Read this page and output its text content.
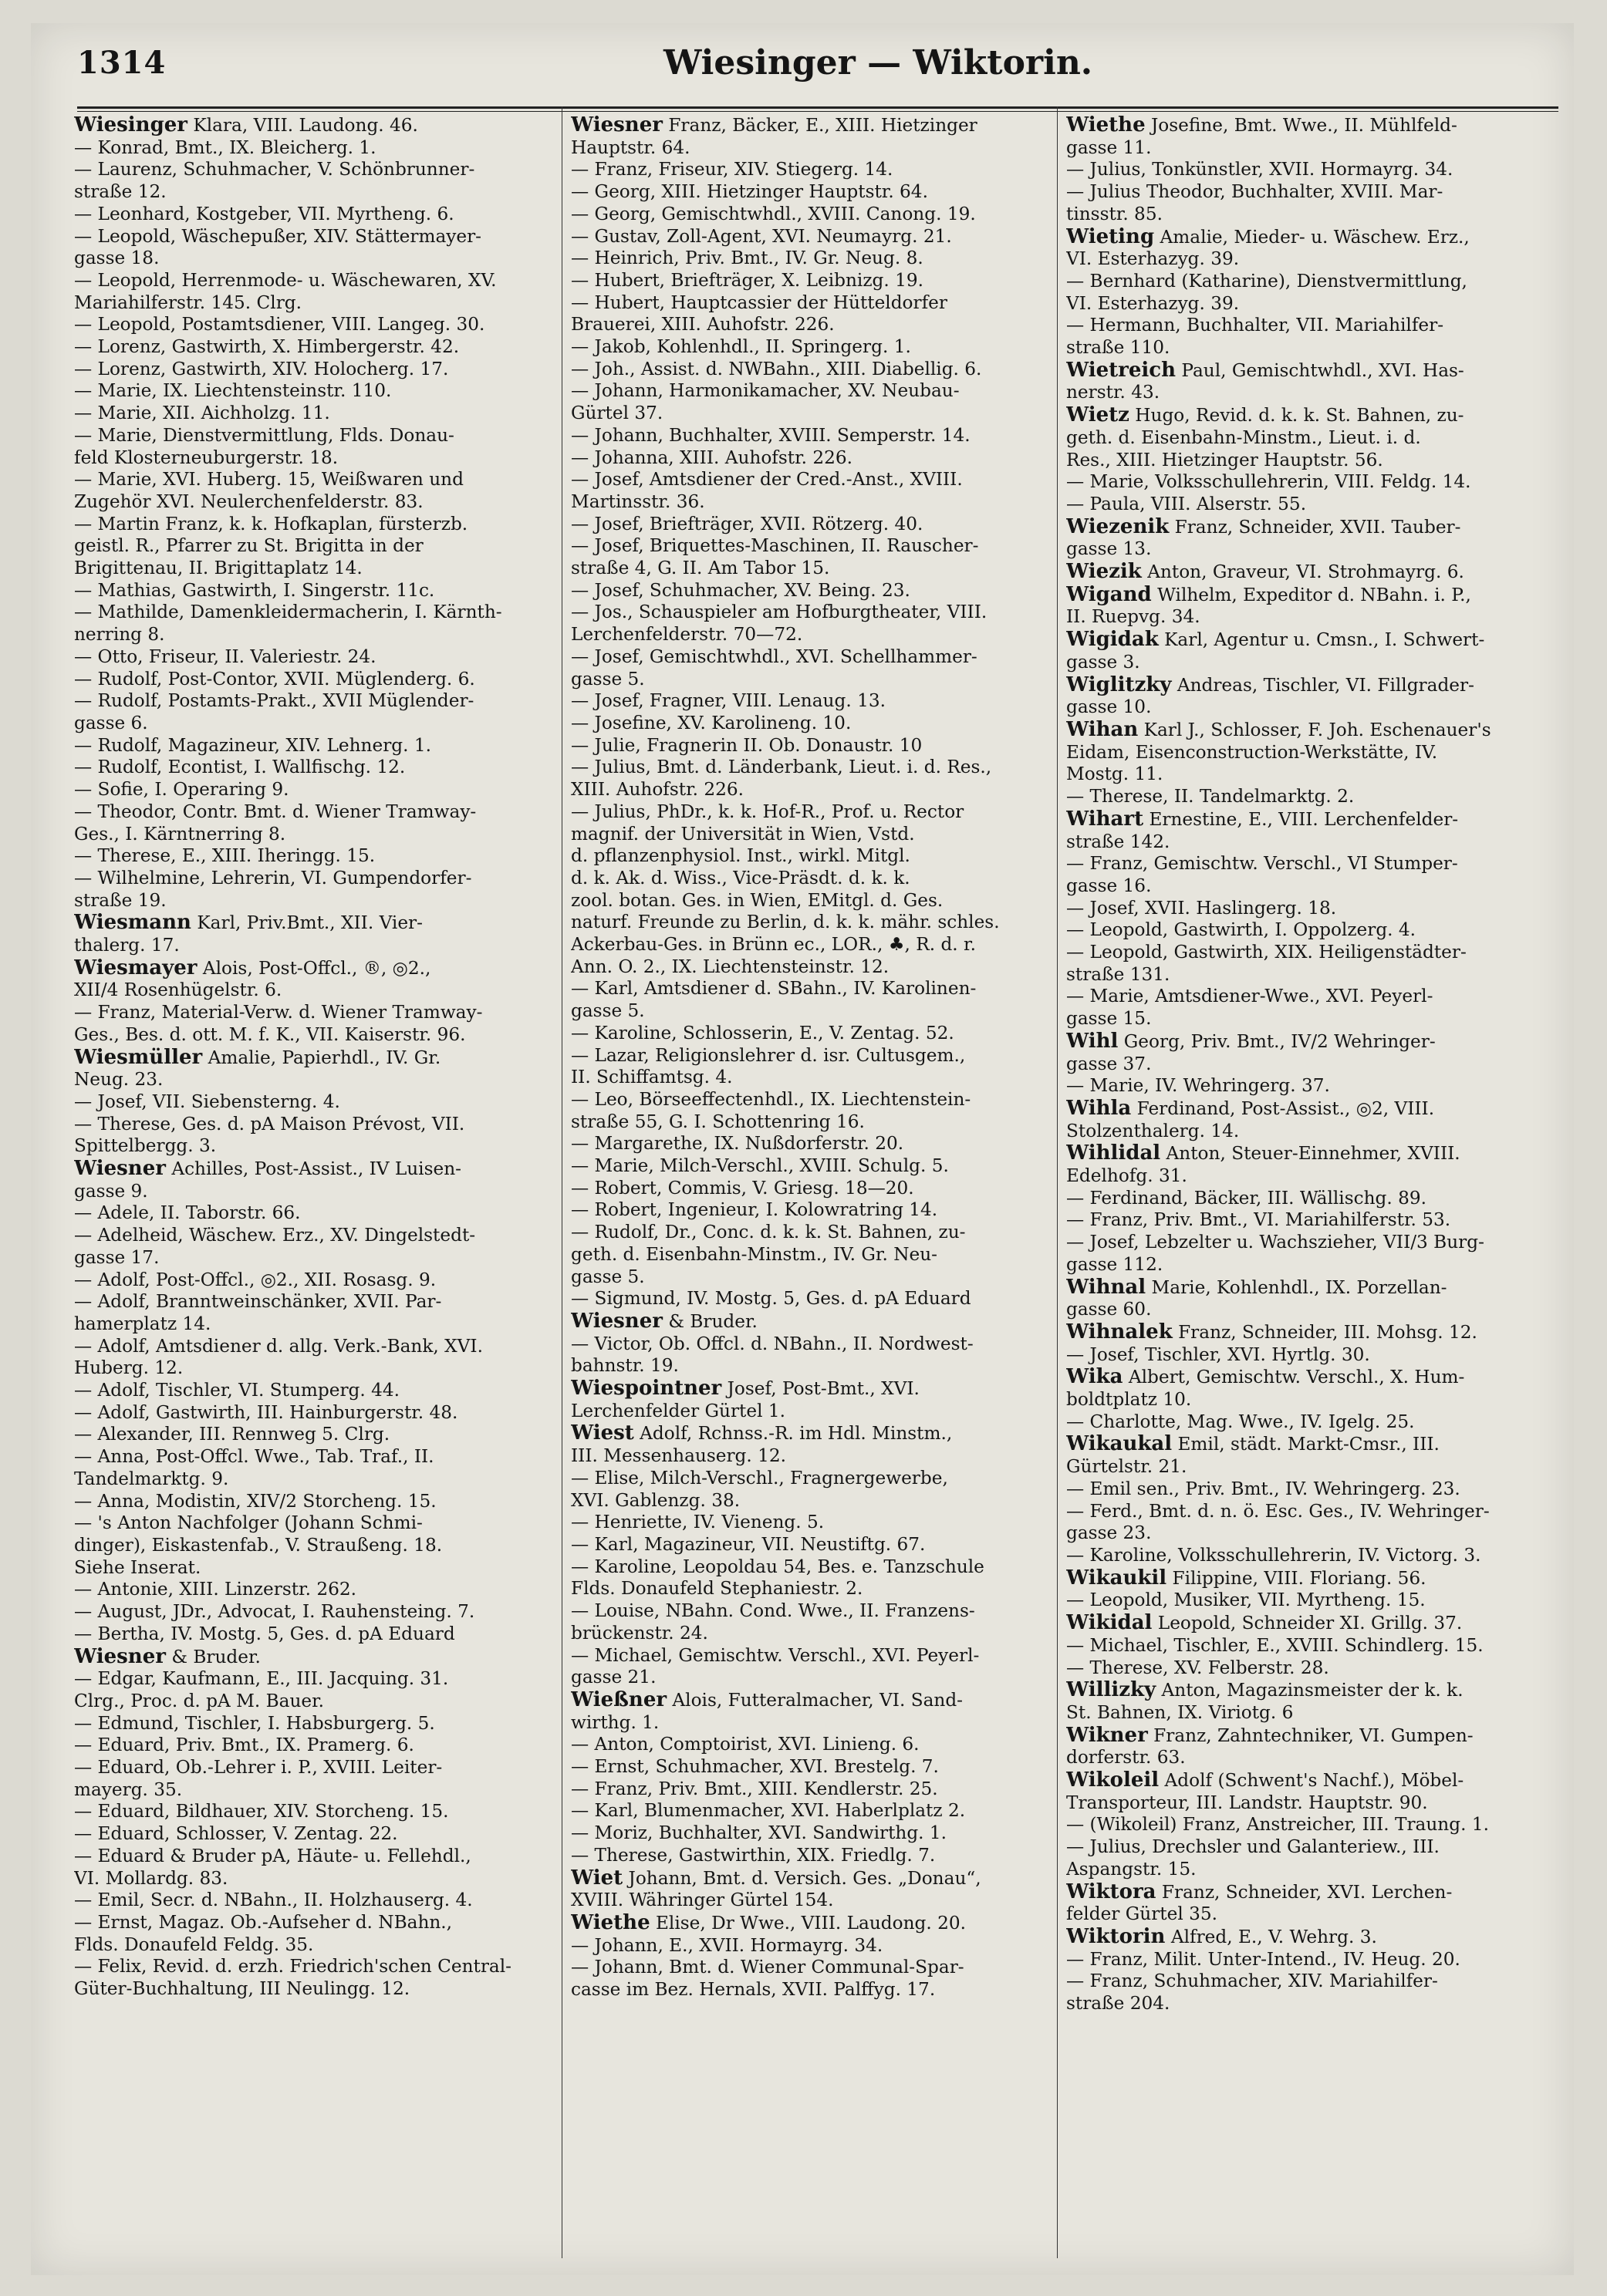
1314	Wiesinger — Wiktorin.
Wiesinger Klara, VIII. Laudong. 46.
— Konrad, Bmt., IX. Bleicherg. 1.
— Laurenz, Schuhmacher, V. Schönbrunner-
straße 12.
— Leonhard, Kostgeber, VII. Myrtheng. 6.
— Leopold, Wäschepußer, XIV. Stättermayer-
gasse 18.
— Leopold, Herrenmode- u. Wäschewaren, XV.
Mariahilferstr. 145. Clrg.
— Leopold, Postamtsdiener, VIII. Langeg. 30.
— Lorenz, Gastwirth, X. Himbergerstr. 42.
— Lorenz, Gastwirth, XIV. Holocherg. 17.
— Marie, IX. Liechtensteinstr. 110.
— Marie, XII. Aichholzg. 11.
— Marie, Dienstvermittlung, Flds. Donau-
feld Klosterneuburgerstr. 18.
— Marie, XVI. Huberg. 15, Weißwaren und
Zugehör XVI. Neulerchenfelderstr. 83.
— Martin Franz, k. k. Hofkaplan, fürsterzb.
geistl. R., Pfarrer zu St. Brigitta in der
Brigittenau, II. Brigittaplatz 14.
— Mathias, Gastwirth, I. Singerstr. 11c.
— Mathilde, Damenkleidermacherin, I. Kärnth-
nerring 8.
— Otto, Friseur, II. Valeriestr. 24.
— Rudolf, Post-Contor, XVII. Müglenderg. 6.
— Rudolf, Postamts-Prakt., XVII Müglender-
gasse 6.
— Rudolf, Magazineur, XIV. Lehnerg. 1.
— Rudolf, Econtist, I. Wallfischg. 12.
— Sofie, I. Operaring 9.
— Theodor, Contr. Bmt. d. Wiener Tramway-
Ges., I. Kärntnerring 8.
— Therese, E., XIII. Iheringg. 15.
— Wilhelmine, Lehrerin, VI. Gumpendorfer-
straße 19.
Wiesmann Karl, Priv.Bmt., XII. Vier-
thalerg. 17.
Wiesmayer Alois, Post-Offcl., ®, ◎2.,
XII/4 Rosenhügelstr. 6.
— Franz, Material-Verw. d. Wiener Tramway-
Ges., Bes. d. ott. M. f. K., VII. Kaiserstr. 96.
Wiesmüller Amalie, Papierhdl., IV. Gr.
Neug. 23.
— Josef, VII. Siebensterng. 4.
— Therese, Ges. d. pA Maison Prévost, VII.
Spittelbergg. 3.
Wiesner Achilles, Post-Assist., IV Luisen-
gasse 9.
— Adele, II. Taborstr. 66.
— Adelheid, Wäschew. Erz., XV. Dingelstedt-
gasse 17.
— Adolf, Post-Offcl., ◎2., XII. Rosasg. 9.
— Adolf, Branntweinschänker, XVII. Par-
hamerplatz 14.
— Adolf, Amtsdiener d. allg. Verk.-Bank, XVI.
Huberg. 12.
— Adolf, Tischler, VI. Stumperg. 44.
— Adolf, Gastwirth, III. Hainburgerstr. 48.
— Alexander, III. Rennweg 5. Clrg.
— Anna, Post-Offcl. Wwe., Tab. Traf., II.
Tandelmarktg. 9.
— Anna, Modistin, XIV/2 Storcheng. 15.
— 's Anton Nachfolger (Johann Schmi-
dinger), Eiskastenfab., V. Straußeng. 18.
Siehe Inserat.
— Antonie, XIII. Linzerstr. 262.
— August, JDr., Advocat, I. Rauhensteing. 7.
— Bertha, IV. Mostg. 5, Ges. d. pA Eduard
Wiesner & Bruder.
— Edgar, Kaufmann, E., III. Jacquing. 31.
Clrg., Proc. d. pA M. Bauer.
— Edmund, Tischler, I. Habsburgerg. 5.
— Eduard, Priv. Bmt., IX. Pramerg. 6.
— Eduard, Ob.-Lehrer i. P., XVIII. Leiter-
mayerg. 35.
— Eduard, Bildhauer, XIV. Storcheng. 15.
— Eduard, Schlosser, V. Zentag. 22.
— Eduard & Bruder pA, Häute- u. Fellehdl.,
VI. Mollardg. 83.
— Emil, Secr. d. NBahn., II. Holzhauserg. 4.
— Ernst, Magaz. Ob.-Aufseher d. NBahn.,
Flds. Donaufeld Feldg. 35.
— Felix, Revid. d. erzh. Friedrich'schen Central-
Güter-Buchhaltung, III Neulingg. 12.
Wiesner Franz, Bäcker, E., XIII. Hietzinger
Hauptstr. 64.
— Franz, Friseur, XIV. Stiegerg. 14.
— Georg, XIII. Hietzinger Hauptstr. 64.
— Georg, Gemischtwhdl., XVIII. Canong. 19.
— Gustav, Zoll-Agent, XVI. Neumayrg. 21.
— Heinrich, Priv. Bmt., IV. Gr. Neug. 8.
— Hubert, Briefträger, X. Leibnizg. 19.
— Hubert, Hauptcassier der Hütteldorfer
Brauerei, XIII. Auhofstr. 226.
— Jakob, Kohlenhdl., II. Springerg. 1.
— Joh., Assist. d. NWBahn., XIII. Diabellig. 6.
— Johann, Harmonikamacher, XV. Neubau-
Gürtel 37.
— Johann, Buchhalter, XVIII. Semperstr. 14.
— Johanna, XIII. Auhofstr. 226.
— Josef, Amtsdiener der Cred.-Anst., XVIII.
Martinsstr. 36.
— Josef, Briefträger, XVII. Rötzerg. 40.
— Josef, Briquettes-Maschinen, II. Rauscher-
straße 4, G. II. Am Tabor 15.
— Josef, Schuhmacher, XV. Being. 23.
— Jos., Schauspieler am Hofburgtheater, VIII.
Lerchenfelderstr. 70—72.
— Josef, Gemischtwhdl., XVI. Schellhammer-
gasse 5.
— Josef, Fragner, VIII. Lenaug. 13.
— Josefine, XV. Karolineng. 10.
— Julie, Fragnerin II. Ob. Donaustr. 10
— Julius, Bmt. d. Länderbank, Lieut. i. d. Res.,
XIII. Auhofstr. 226.
— Julius, PhDr., k. k. Hof-R., Prof. u. Rector
magnif. der Universität in Wien, Vstd.
d. pflanzenphysiol. Inst., wirkl. Mitgl.
d. k. Ak. d. Wiss., Vice-Präsdt. d. k. k.
zool. botan. Ges. in Wien, EMitgl. d. Ges.
naturf. Freunde zu Berlin, d. k. k. mähr. schles.
Ackerbau-Ges. in Brünn ec., LOR., ♣, R. d. r.
Ann. O. 2., IX. Liechtensteinstr. 12.
— Karl, Amtsdiener d. SBahn., IV. Karolinen-
gasse 5.
— Karoline, Schlosserin, E., V. Zentag. 52.
— Lazar, Religionslehrer d. isr. Cultusgem.,
II. Schiffamtsg. 4.
— Leo, Börseeffectenhdl., IX. Liechtenstein-
straße 55, G. I. Schottenring 16.
— Margarethe, IX. Nußdorferstr. 20.
— Marie, Milch-Verschl., XVIII. Schulg. 5.
— Robert, Commis, V. Griesg. 18—20.
— Robert, Ingenieur, I. Kolowratring 14.
— Rudolf, Dr., Conc. d. k. k. St. Bahnen, zu-
geth. d. Eisenbahn-Minstm., IV. Gr. Neu-
gasse 5.
— Sigmund, IV. Mostg. 5, Ges. d. pA Eduard
Wiesner & Bruder.
— Victor, Ob. Offcl. d. NBahn., II. Nordwest-
bahnstr. 19.
Wiespointner Josef, Post-Bmt., XVI.
Lerchenfelder Gürtel 1.
Wiest Adolf, Rchnss.-R. im Hdl. Minstm.,
III. Messenhauserg. 12.
— Elise, Milch-Verschl., Fragnergewerbe,
XVI. Gablenzg. 38.
— Henriette, IV. Vieneng. 5.
— Karl, Magazineur, VII. Neustiftg. 67.
— Karoline, Leopoldau 54, Bes. e. Tanzschule
Flds. Donaufeld Stephaniestr. 2.
— Louise, NBahn. Cond. Wwe., II. Franzens-
brückenstr. 24.
— Michael, Gemischtw. Verschl., XVI. Peyerl-
gasse 21.
Wießner Alois, Futteralmacher, VI. Sand-
wirthg. 1.
— Anton, Comptoirist, XVI. Linieng. 6.
— Ernst, Schuhmacher, XVI. Brestelg. 7.
— Franz, Priv. Bmt., XIII. Kendlerstr. 25.
— Karl, Blumenmacher, XVI. Haberlplatz 2.
— Moriz, Buchhalter, XVI. Sandwirthg. 1.
— Therese, Gastwirthin, XIX. Friedlg. 7.
Wiet Johann, Bmt. d. Versich. Ges. „Donau“,
XVIII. Währinger Gürtel 154.
Wiethe Elise, Dr Wwe., VIII. Laudong. 20.
— Johann, E., XVII. Hormayrg. 34.
— Johann, Bmt. d. Wiener Communal-Spar-
casse im Bez. Hernals, XVII. Palffyg. 17.
Wiethe Josefine, Bmt. Wwe., II. Mühlfeld-
gasse 11.
— Julius, Tonkünstler, XVII. Hormayrg. 34.
— Julius Theodor, Buchhalter, XVIII. Mar-
tinsstr. 85.
Wieting Amalie, Mieder- u. Wäschew. Erz.,
VI. Esterhazyg. 39.
— Bernhard (Katharine), Dienstvermittlung,
VI. Esterhazyg. 39.
— Hermann, Buchhalter, VII. Mariahilfer-
straße 110.
Wietreich Paul, Gemischtwhdl., XVI. Has-
nerstr. 43.
Wietz Hugo, Revid. d. k. k. St. Bahnen, zu-
geth. d. Eisenbahn-Minstm., Lieut. i. d.
Res., XIII. Hietzinger Hauptstr. 56.
— Marie, Volksschullehrerin, VIII. Feldg. 14.
— Paula, VIII. Alserstr. 55.
Wiezenik Franz, Schneider, XVII. Tauber-
gasse 13.
Wiezik Anton, Graveur, VI. Strohmayrg. 6.
Wigand Wilhelm, Expeditor d. NBahn. i. P.,
II. Ruepvg. 34.
Wigidak Karl, Agentur u. Cmsn., I. Schwert-
gasse 3.
Wiglitzky Andreas, Tischler, VI. Fillgrader-
gasse 10.
Wihan Karl J., Schlosser, F. Joh. Eschenauer's
Eidam, Eisenconstruction-Werkstätte, IV.
Mostg. 11.
— Therese, II. Tandelmarktg. 2.
Wihart Ernestine, E., VIII. Lerchenfelder-
straße 142.
— Franz, Gemischtw. Verschl., VI Stumper-
gasse 16.
— Josef, XVII. Haslingerg. 18.
— Leopold, Gastwirth, I. Oppolzerg. 4.
— Leopold, Gastwirth, XIX. Heiligenstädter-
straße 131.
— Marie, Amtsdiener-Wwe., XVI. Peyerl-
gasse 15.
Wihl Georg, Priv. Bmt., IV/2 Wehringer-
gasse 37.
— Marie, IV. Wehringerg. 37.
Wihla Ferdinand, Post-Assist., ◎2, VIII.
Stolzenthalerg. 14.
Wihlidal Anton, Steuer-Einnehmer, XVIII.
Edelhofg. 31.
— Ferdinand, Bäcker, III. Wällischg. 89.
— Franz, Priv. Bmt., VI. Mariahilferstr. 53.
— Josef, Lebzelter u. Wachszieher, VII/3 Burg-
gasse 112.
Wihnal Marie, Kohlenhdl., IX. Porzellan-
gasse 60.
Wihnalek Franz, Schneider, III. Mohsg. 12.
— Josef, Tischler, XVI. Hyrtlg. 30.
Wika Albert, Gemischtw. Verschl., X. Hum-
boldtplatz 10.
— Charlotte, Mag. Wwe., IV. Igelg. 25.
Wikaukal Emil, städt. Markt-Cmsr., III.
Gürtelstr. 21.
— Emil sen., Priv. Bmt., IV. Wehringerg. 23.
— Ferd., Bmt. d. n. ö. Esc. Ges., IV. Wehringer-
gasse 23.
— Karoline, Volksschullehrerin, IV. Victorg. 3.
Wikaukil Filippine, VIII. Floriang. 56.
— Leopold, Musiker, VII. Myrtheng. 15.
Wikidal Leopold, Schneider XI. Grillg. 37.
— Michael, Tischler, E., XVIII. Schindlerg. 15.
— Therese, XV. Felberstr. 28.
Willizky Anton, Magazinsmeister der k. k.
St. Bahnen, IX. Viriotg. 6
Wikner Franz, Zahntechniker, VI. Gumpen-
dorferstr. 63.
Wikoleil Adolf (Schwent's Nachf.), Möbel-
Transporteur, III. Landstr. Hauptstr. 90.
— (Wikoleil) Franz, Anstreicher, III. Traung. 1.
— Julius, Drechsler und Galanteriew., III.
Aspangstr. 15.
Wiktora Franz, Schneider, XVI. Lerchen-
felder Gürtel 35.
Wiktorin Alfred, E., V. Wehrg. 3.
— Franz, Milit. Unter-Intend., IV. Heug. 20.
— Franz, Schuhmacher, XIV. Mariahilfer-
straße 204.
